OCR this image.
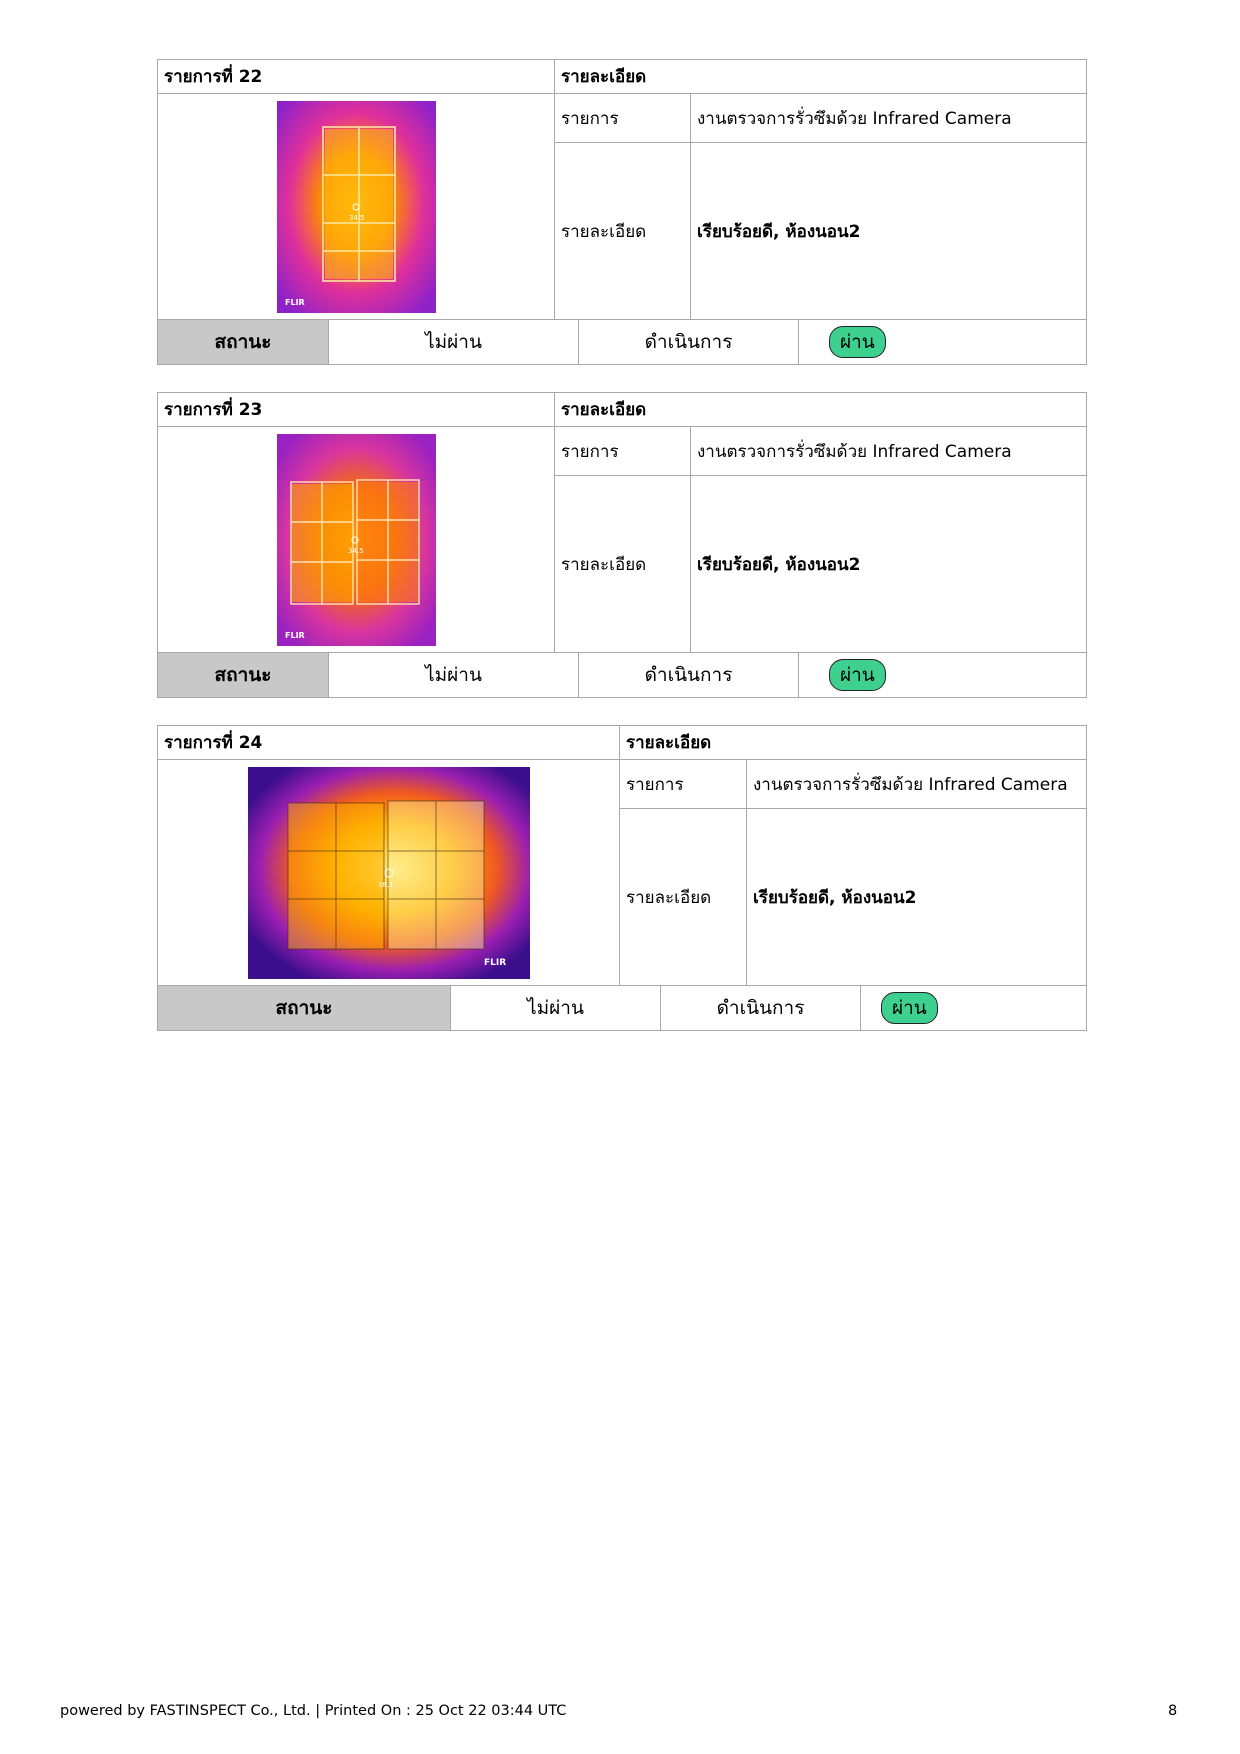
รายการที่ 22	รายละเอียด	

34.5
FLIR	รายการ	งานตรวจการรั่วซึมด้วย Infrared Camera
	รายละเอียด	เรียบร้อยดี, ห้องนอน2
สถานะ	ไม่ผ่าน	ดำเนินการ	ผ่าน
รายการที่ 23	รายละเอียด	

34.5
FLIR	รายการ	งานตรวจการรั่วซึมด้วย Infrared Camera
	รายละเอียด	เรียบร้อยดี, ห้องนอน2
สถานะ	ไม่ผ่าน	ดำเนินการ	ผ่าน
รายการที่ 24	รายละเอียด	

38.1
FLIR	รายการ	งานตรวจการรั่วซึมด้วย Infrared Camera
	รายละเอียด	เรียบร้อยดี, ห้องนอน2
สถานะ	ไม่ผ่าน	ดำเนินการ	ผ่าน
powered by FASTINSPECT Co., Ltd. | Printed On : 25 Oct 22 03:44 UTC	8
